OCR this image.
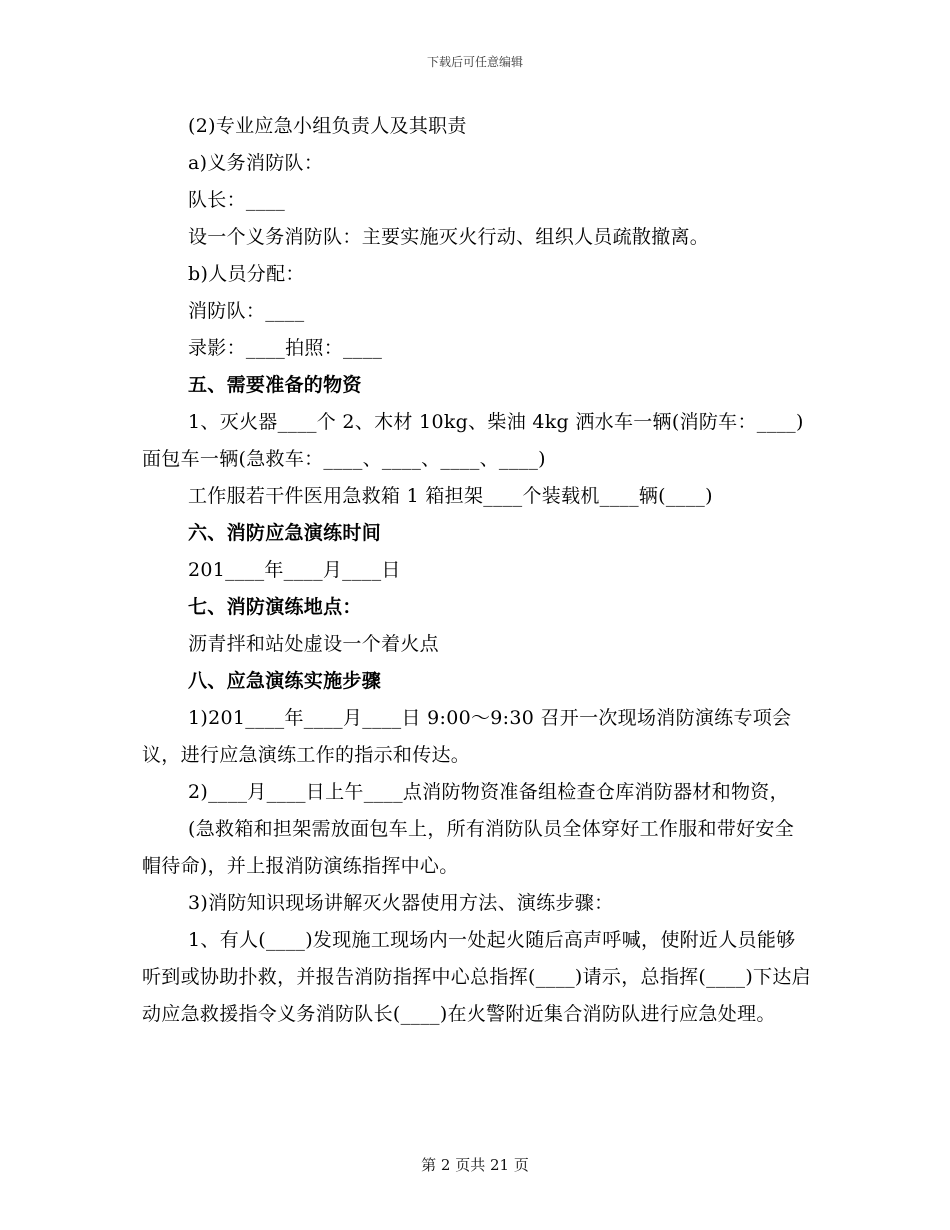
下载后可任意编辑

(2)专业应急小组负责人及其职责

a)义务消防队：

队长：____

设一个义务消防队：主要实施灭火行动、组织人员疏散撤离。

b)人员分配：

消防队：____

录影：____拍照：____

五、需要准备的物资

1、灭火器____个 2、木材 10kg、柴油 4kg 洒水车一辆(消防车：____)面包车一辆(急救车：____、____、____、____)

工作服若干件医用急救箱 1 箱担架____个装载机____辆(____)

六、消防应急演练时间

201____年____月____日

七、消防演练地点：

沥青拌和站处虚设一个着火点

八、应急演练实施步骤

1)201____年____月____日 9:00～9:30 召开一次现场消防演练专项会议，进行应急演练工作的指示和传达。

2)____月____日上午____点消防物资准备组检查仓库消防器材和物资，

(急救箱和担架需放面包车上，所有消防队员全体穿好工作服和带好安全帽待命)，并上报消防演练指挥中心。

3)消防知识现场讲解灭火器使用方法、演练步骤：

1、有人(____)发现施工现场内一处起火随后高声呼喊，使附近人员能够听到或协助扑救，并报告消防指挥中心总指挥(____)请示，总指挥(____)下达启动应急救援指令义务消防队长(____)在火警附近集合消防队进行应急处理。

第 2 页共 21 页
